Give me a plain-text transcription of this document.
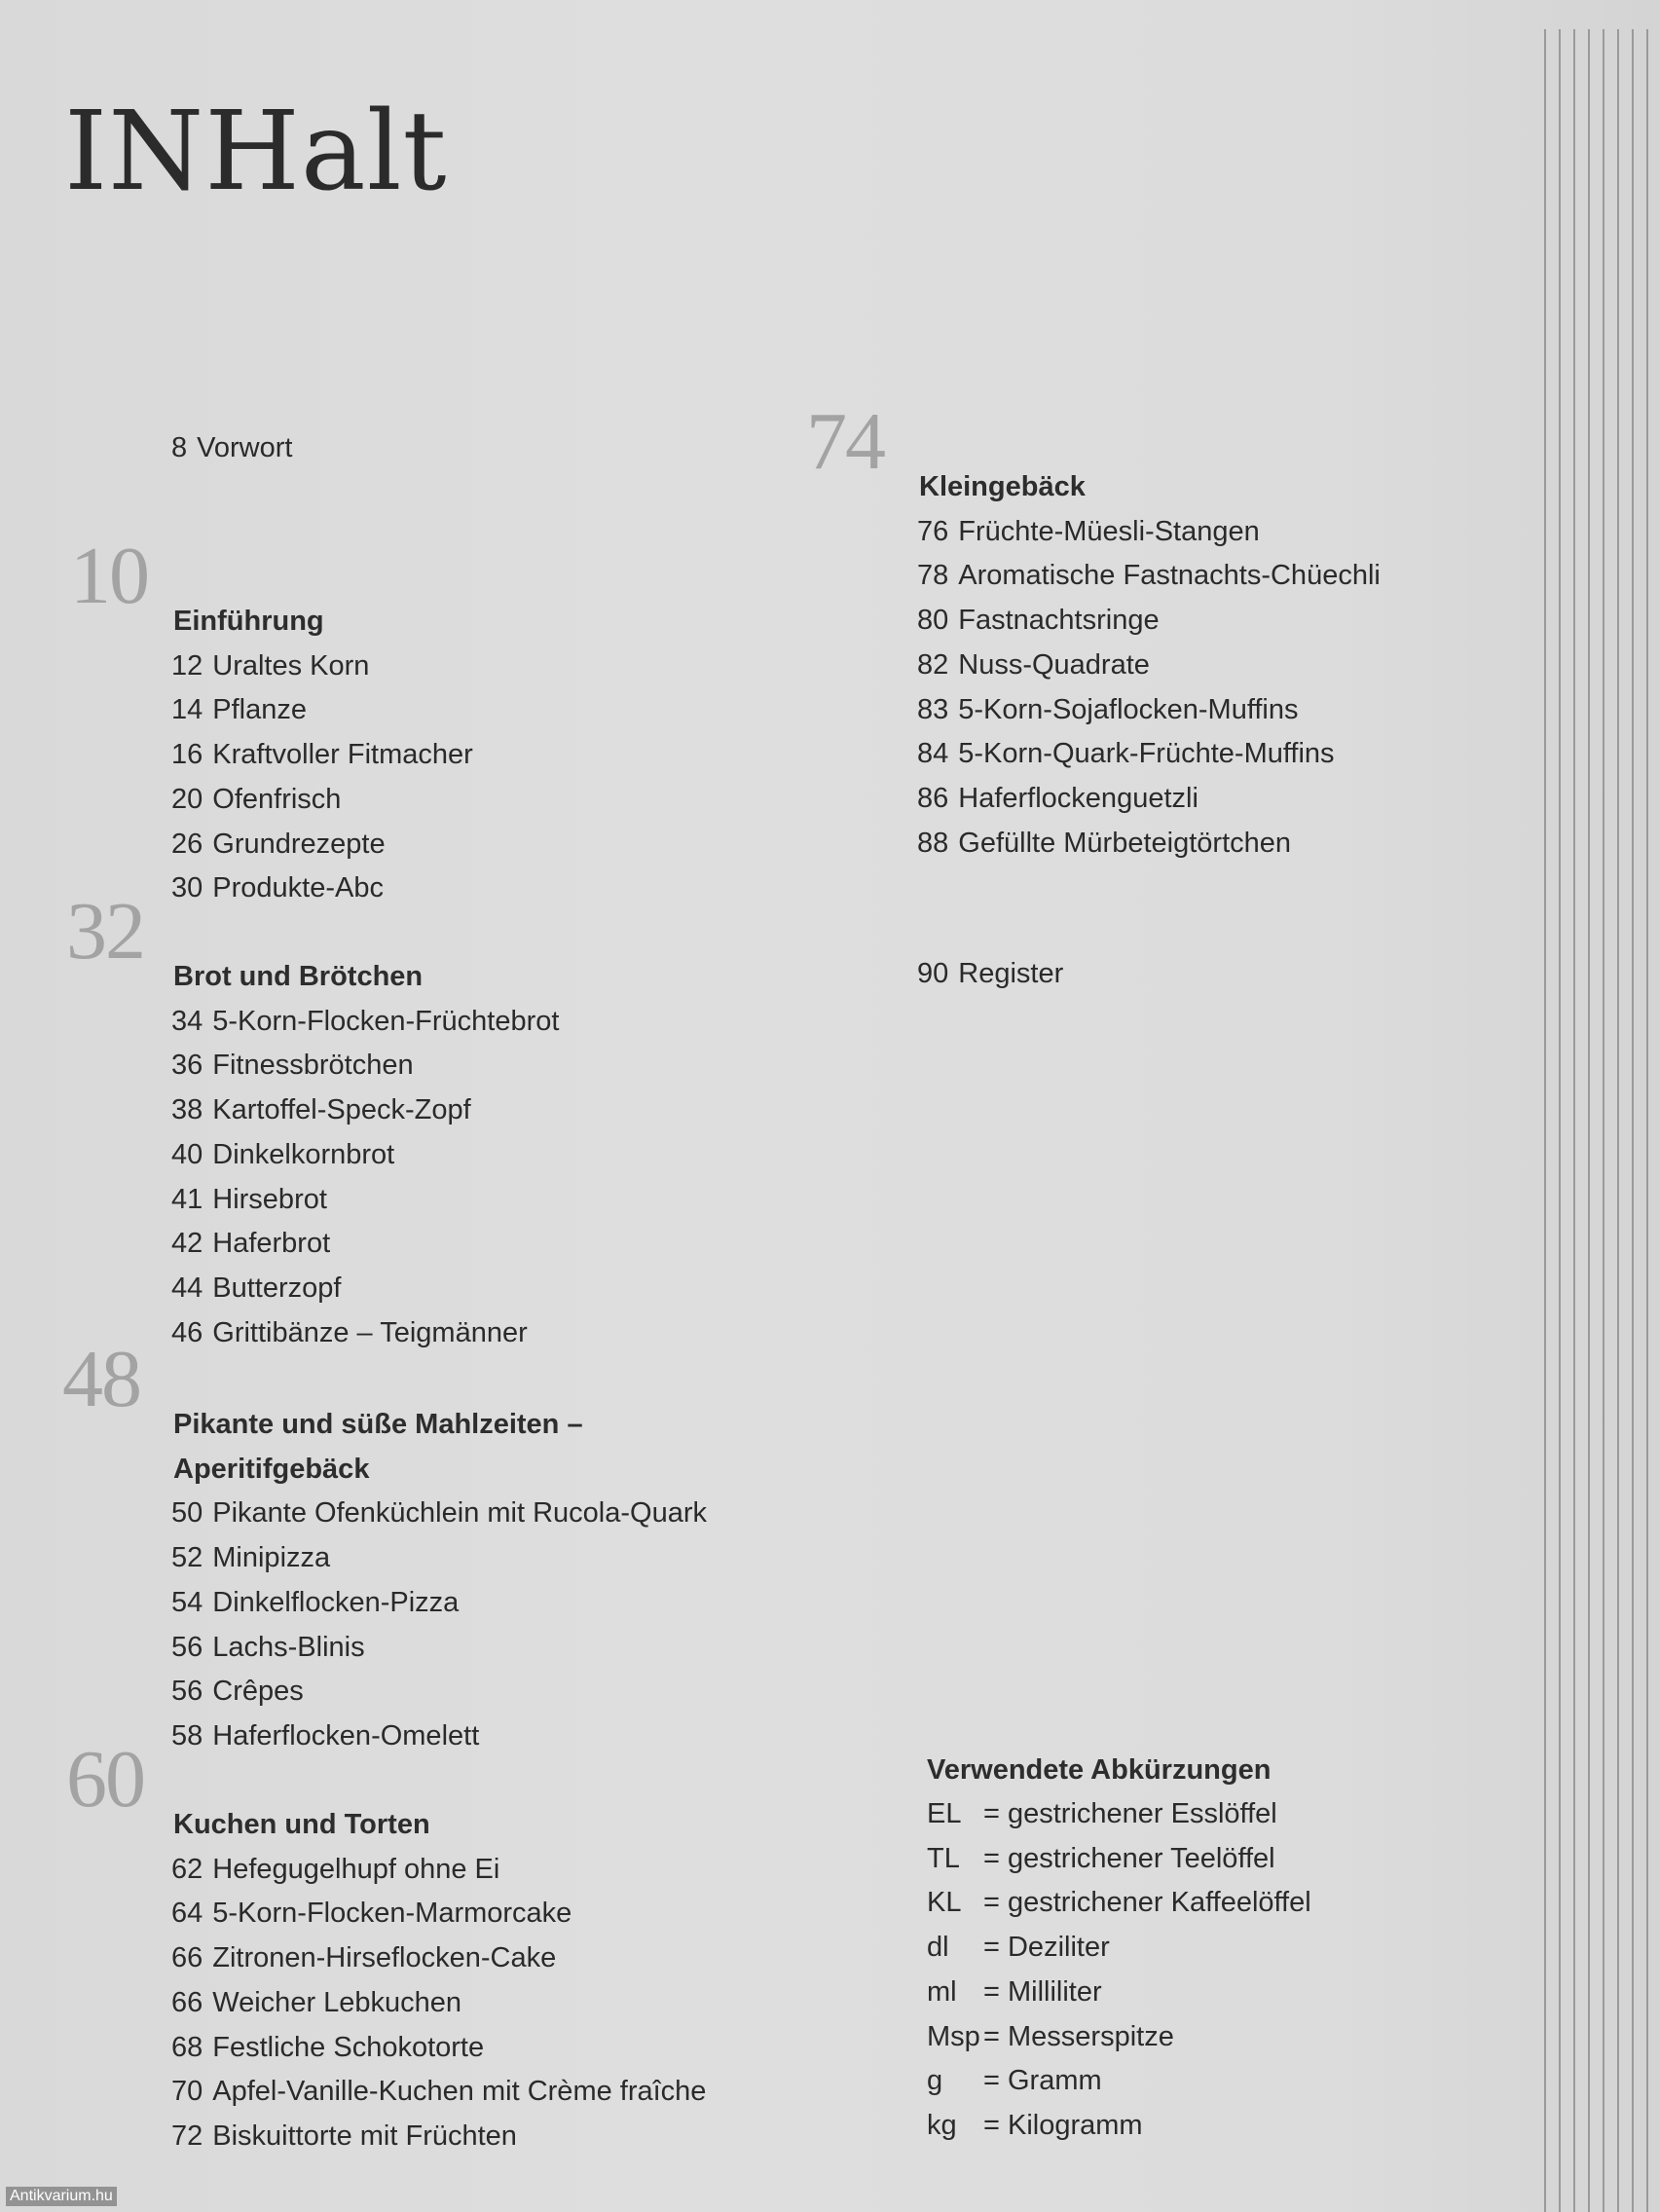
INHalt
8 Vorwort
10 Einführung
12 Uraltes Korn
14 Pflanze
16 Kraftvoller Fitmacher
20 Ofenfrisch
26 Grundrezepte
30 Produkte-Abc
32 Brot und Brötchen
34 5-Korn-Flocken-Früchtebrot
36 Fitnessbrötchen
38 Kartoffel-Speck-Zopf
40 Dinkelkornbrot
41 Hirsebrot
42 Haferbrot
44 Butterzopf
46 Grittibänze – Teigmänner
48 Pikante und süße Mahlzeiten –
Aperitifgebäck
50 Pikante Ofenküchlein mit Rucola-Quark
52 Minipizza
54 Dinkelflocken-Pizza
56 Lachs-Blinis
56 Crêpes
58 Haferflocken-Omelett
60 Kuchen und Torten
62 Hefegugelhupf ohne Ei
64 5-Korn-Flocken-Marmorcake
66 Zitronen-Hirseflocken-Cake
66 Weicher Lebkuchen
68 Festliche Schokotorte
70 Apfel-Vanille-Kuchen mit Crème fraîche
72 Biskuittorte mit Früchten
74 Kleingebäck
76 Früchte-Müesli-Stangen
78 Aromatische Fastnachts-Chüechli
80 Fastnachtsringe
82 Nuss-Quadrate
83 5-Korn-Sojaflocken-Muffins
84 5-Korn-Quark-Früchte-Muffins
86 Haferflockenguetzli
88 Gefüllte Mürbeteigtörtchen
90 Register
Verwendete Abkürzungen
EL = gestrichener Esslöffel
TL = gestrichener Teelöffel
KL = gestrichener Kaffeelöffel
dl = Deziliter
ml = Milliliter
Msp = Messerspitze
g = Gramm
kg = Kilogramm
Antikvarium.hu
